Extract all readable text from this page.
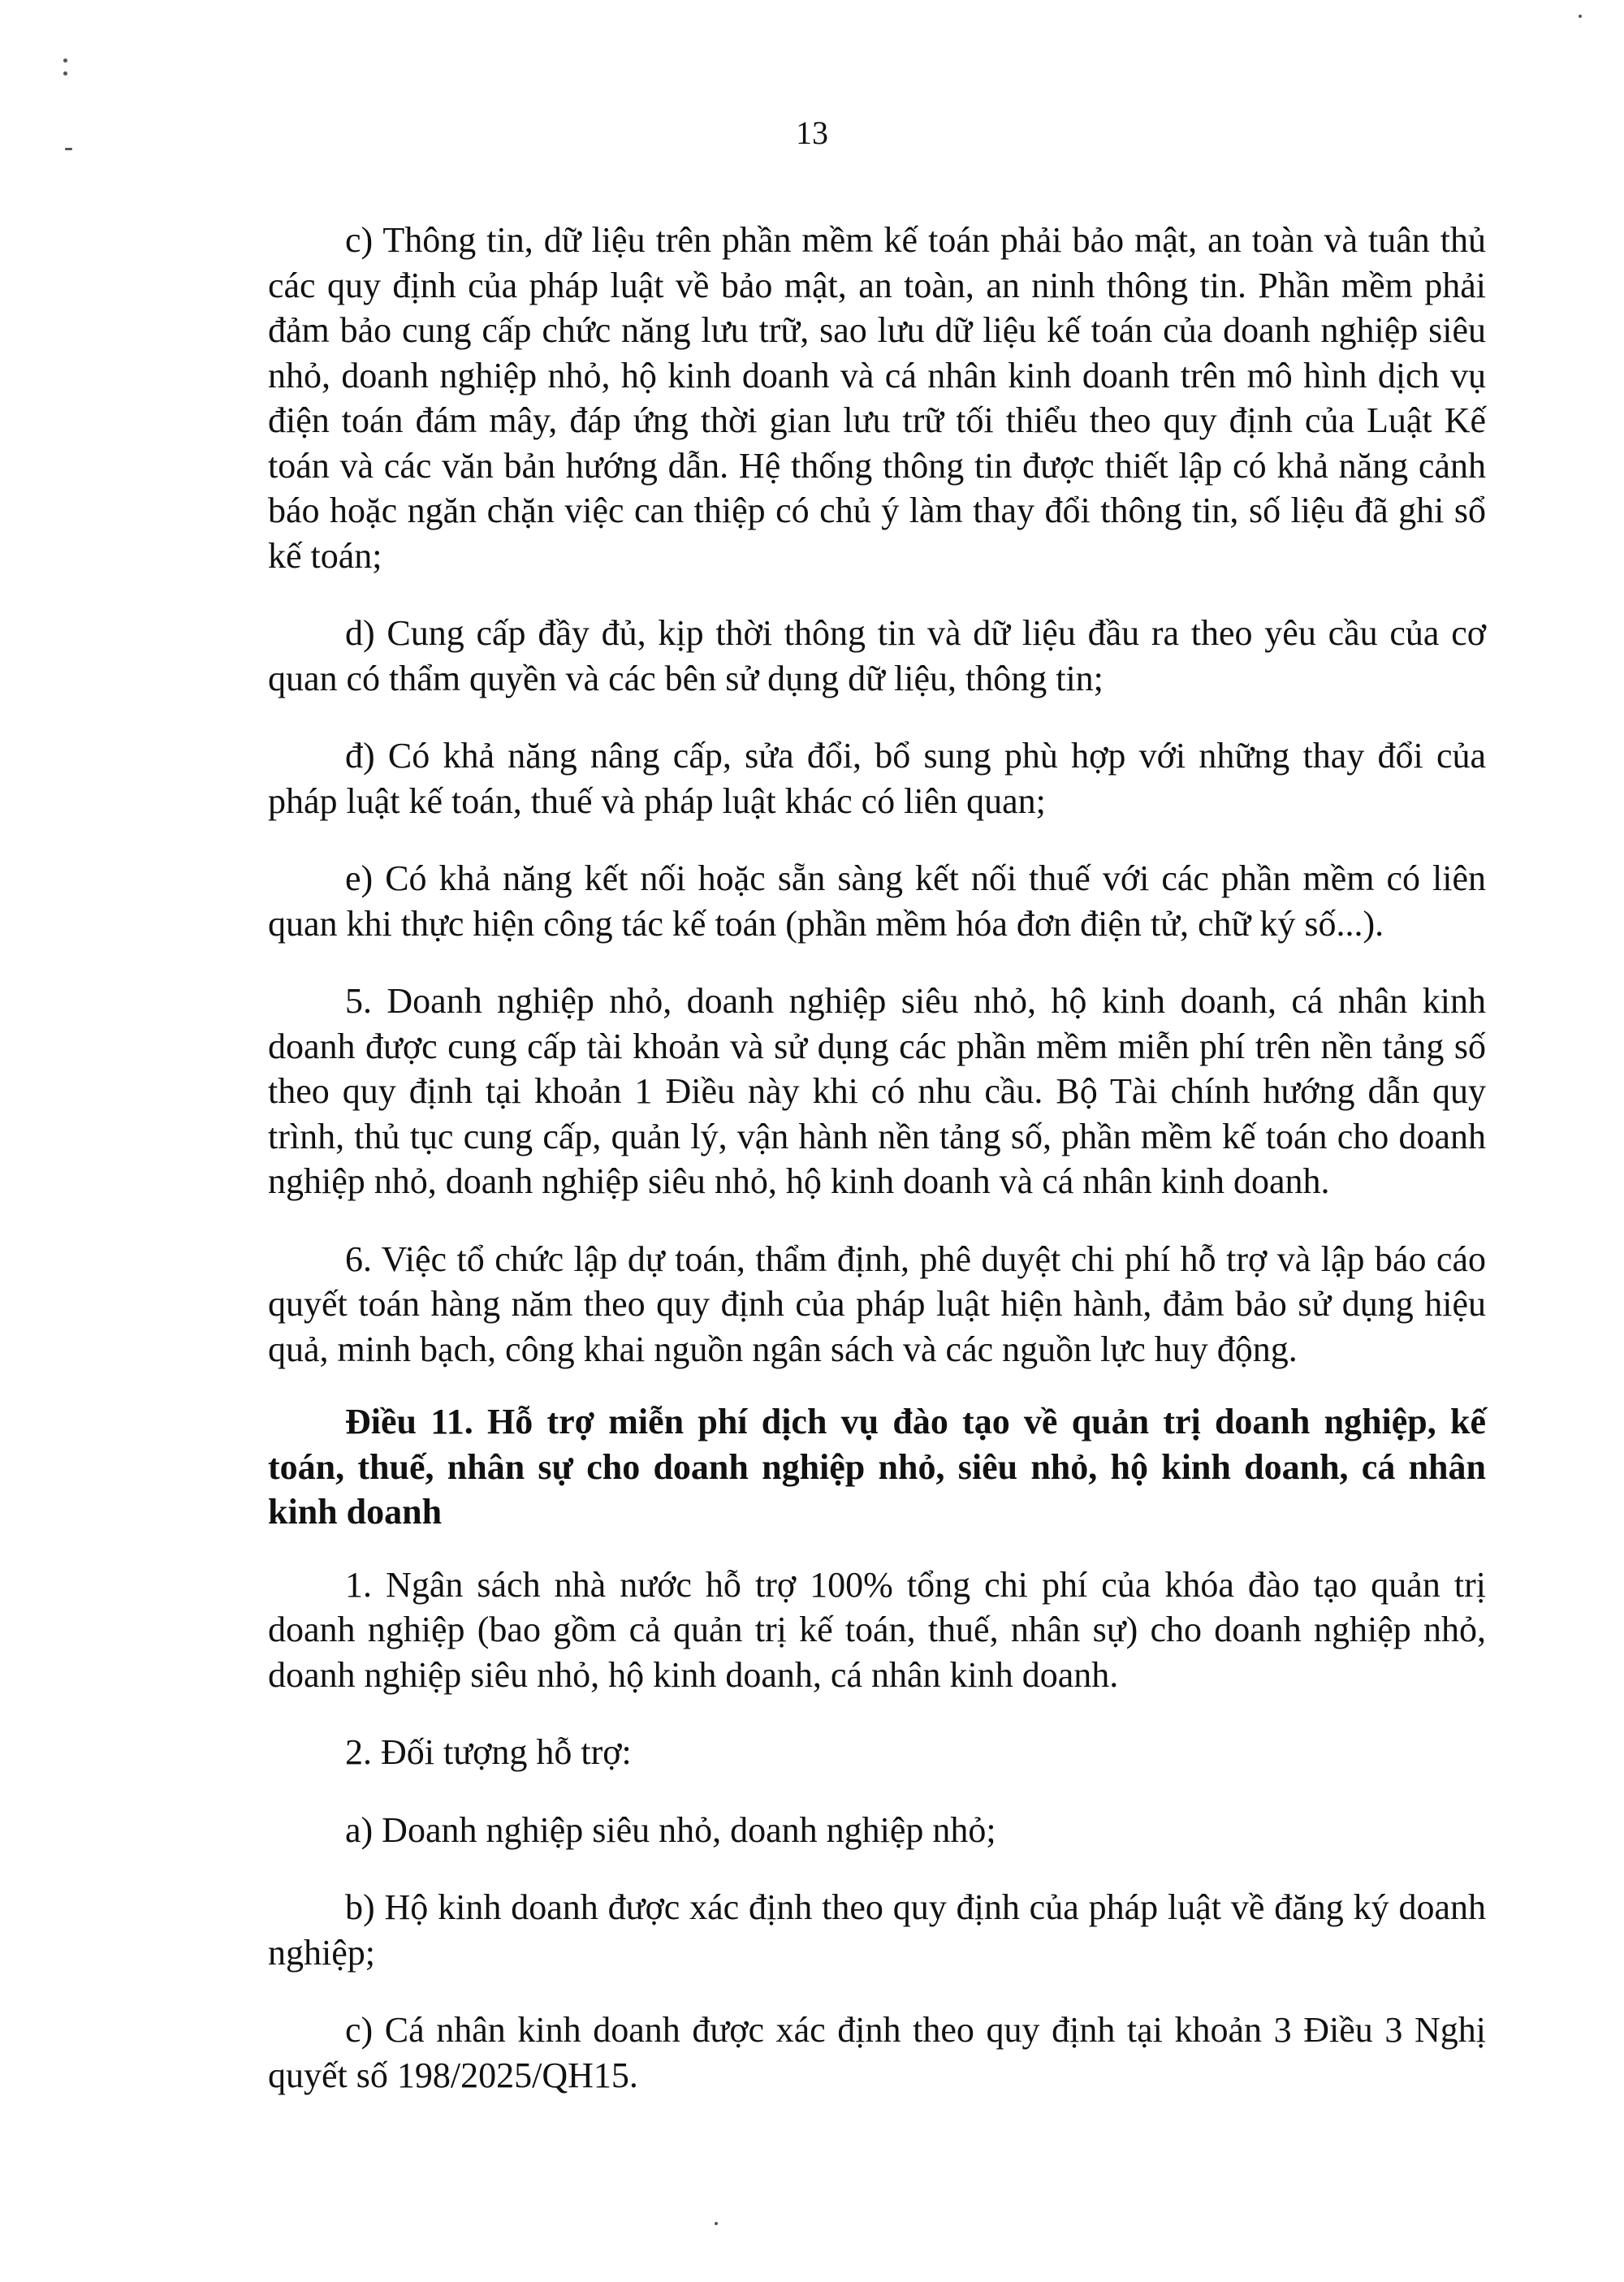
13

c) Thông tin, dữ liệu trên phần mềm kế toán phải bảo mật, an toàn và tuân thủ các quy định của pháp luật về bảo mật, an toàn, an ninh thông tin. Phần mềm phải đảm bảo cung cấp chức năng lưu trữ, sao lưu dữ liệu kế toán của doanh nghiệp siêu nhỏ, doanh nghiệp nhỏ, hộ kinh doanh và cá nhân kinh doanh trên mô hình dịch vụ điện toán đám mây, đáp ứng thời gian lưu trữ tối thiểu theo quy định của Luật Kế toán và các văn bản hướng dẫn. Hệ thống thông tin được thiết lập có khả năng cảnh báo hoặc ngăn chặn việc can thiệp có chủ ý làm thay đổi thông tin, số liệu đã ghi sổ kế toán;

d) Cung cấp đầy đủ, kịp thời thông tin và dữ liệu đầu ra theo yêu cầu của cơ quan có thẩm quyền và các bên sử dụng dữ liệu, thông tin;

đ) Có khả năng nâng cấp, sửa đổi, bổ sung phù hợp với những thay đổi của pháp luật kế toán, thuế và pháp luật khác có liên quan;

e) Có khả năng kết nối hoặc sẵn sàng kết nối thuế với các phần mềm có liên quan khi thực hiện công tác kế toán (phần mềm hóa đơn điện tử, chữ ký số...).

5. Doanh nghiệp nhỏ, doanh nghiệp siêu nhỏ, hộ kinh doanh, cá nhân kinh doanh được cung cấp tài khoản và sử dụng các phần mềm miễn phí trên nền tảng số theo quy định tại khoản 1 Điều này khi có nhu cầu. Bộ Tài chính hướng dẫn quy trình, thủ tục cung cấp, quản lý, vận hành nền tảng số, phần mềm kế toán cho doanh nghiệp nhỏ, doanh nghiệp siêu nhỏ, hộ kinh doanh và cá nhân kinh doanh.

6. Việc tổ chức lập dự toán, thẩm định, phê duyệt chi phí hỗ trợ và lập báo cáo quyết toán hàng năm theo quy định của pháp luật hiện hành, đảm bảo sử dụng hiệu quả, minh bạch, công khai nguồn ngân sách và các nguồn lực huy động.

Điều 11. Hỗ trợ miễn phí dịch vụ đào tạo về quản trị doanh nghiệp, kế toán, thuế, nhân sự cho doanh nghiệp nhỏ, siêu nhỏ, hộ kinh doanh, cá nhân kinh doanh

1. Ngân sách nhà nước hỗ trợ 100% tổng chi phí của khóa đào tạo quản trị doanh nghiệp (bao gồm cả quản trị kế toán, thuế, nhân sự) cho doanh nghiệp nhỏ, doanh nghiệp siêu nhỏ, hộ kinh doanh, cá nhân kinh doanh.

2. Đối tượng hỗ trợ:

a) Doanh nghiệp siêu nhỏ, doanh nghiệp nhỏ;

b) Hộ kinh doanh được xác định theo quy định của pháp luật về đăng ký doanh nghiệp;

c) Cá nhân kinh doanh được xác định theo quy định tại khoản 3 Điều 3 Nghị quyết số 198/2025/QH15.
